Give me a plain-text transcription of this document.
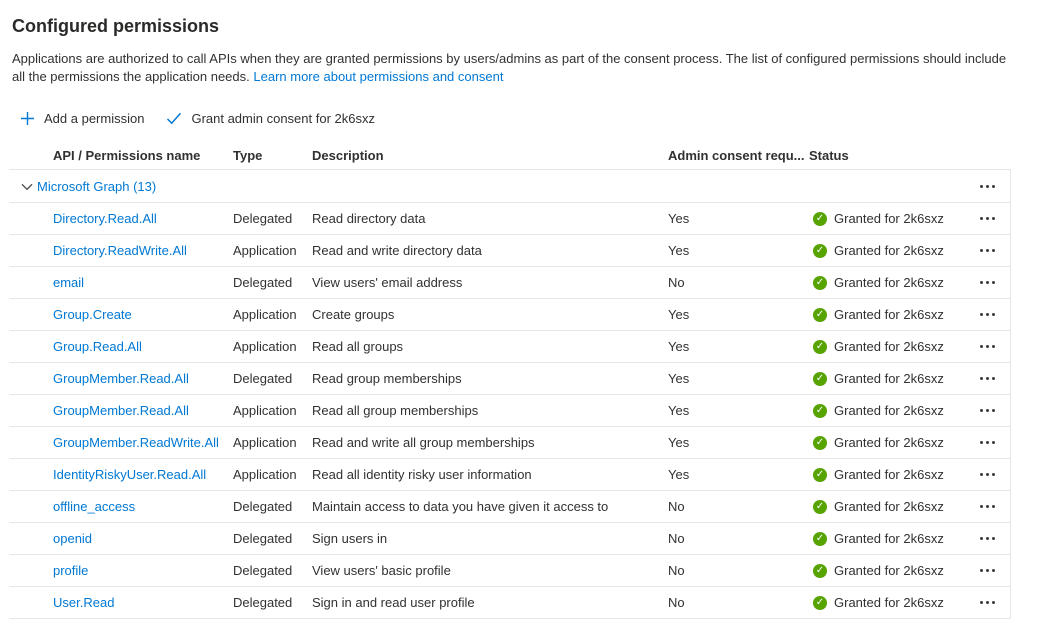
Configured permissions

Applications are authorized to call APIs when they are granted permissions by users/admins as part of the consent process. The list of configured permissions should include all the permissions the application needs. Learn more about permissions and consent

Add a permission	Grant admin consent for 2k6sxz
API / Permissions name	Type	Description	Admin consent requ... Status
Microsoft Graph (13)
Directory.Read.All	Delegated	Read directory data	Yes	✓ Granted for 2k6sxz
Directory.ReadWrite.All	Application	Read and write directory data	Yes	✓ Granted for 2k6sxz
email	Delegated	View users' email address	No	✓ Granted for 2k6sxz
Group.Create	Application	Create groups	Yes	✓ Granted for 2k6sxz
Group.Read.All	Application	Read all groups	Yes	✓ Granted for 2k6sxz
GroupMember.Read.All	Delegated	Read group memberships	Yes	✓ Granted for 2k6sxz
GroupMember.Read.All	Application	Read all group memberships	Yes	✓ Granted for 2k6sxz
GroupMember.ReadWrite.All	Application	Read and write all group memberships	Yes	✓ Granted for 2k6sxz
IdentityRiskyUser.Read.All	Application	Read all identity risky user information	Yes	✓ Granted for 2k6sxz
offline_access	Delegated	Maintain access to data you have given it access to	No	✓ Granted for 2k6sxz
openid	Delegated	Sign users in	No	✓ Granted for 2k6sxz
profile	Delegated	View users' basic profile	No	✓ Granted for 2k6sxz
User.Read	Delegated	Sign in and read user profile	No	✓ Granted for 2k6sxz
